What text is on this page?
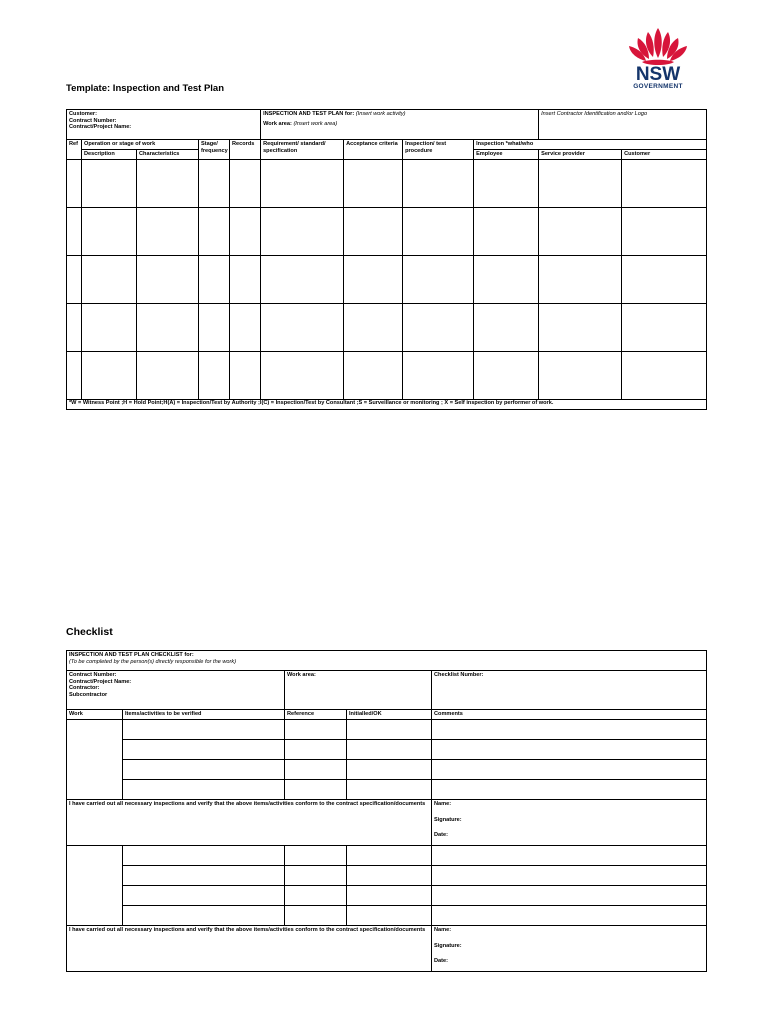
NSW
GOVERNMENT
Template: Inspection and Test Plan
Customer:
Contract Number:
Contract/Project Name:					INSPECTION AND TEST PLAN for: (Insert work activity)
Work area: (Insert work area)				Insert Contractor Identification and/or Logo	
Ref	Operation or stage of work		Stage/ frequency	Records	Requirement/ standard/ specification	Acceptance criteria	Inspection/ test procedure	Inspection *what/who		
	Description	Characteristics						Employee	Service provider	Customer

*W = Witness Point ;H = Hold Point;H(A) = Inspection/Test by Authority ;I(C) = Inspection/Test by Consultant ;S = Surveillance or monitoring ; X = Self inspection by performer of work.										
Checklist
INSPECTION AND TEST PLAN CHECKLIST for:
(To be completed by the person(s) directly responsible for the work)				

Contract Number:
Contract/Project Name:
Contractor:
Subcontractor		Work area:		Checklist Number:
Work	Items/activities to be verified	Reference	Initialled/OK	Comments

I have carried out all necessary inspections and verify that the above items/activities conform to the contract specification/documents				Name:
Signature:
Date:

I have carried out all necessary inspections and verify that the above items/activities conform to the contract specification/documents				Name:
Signature:
Date:
